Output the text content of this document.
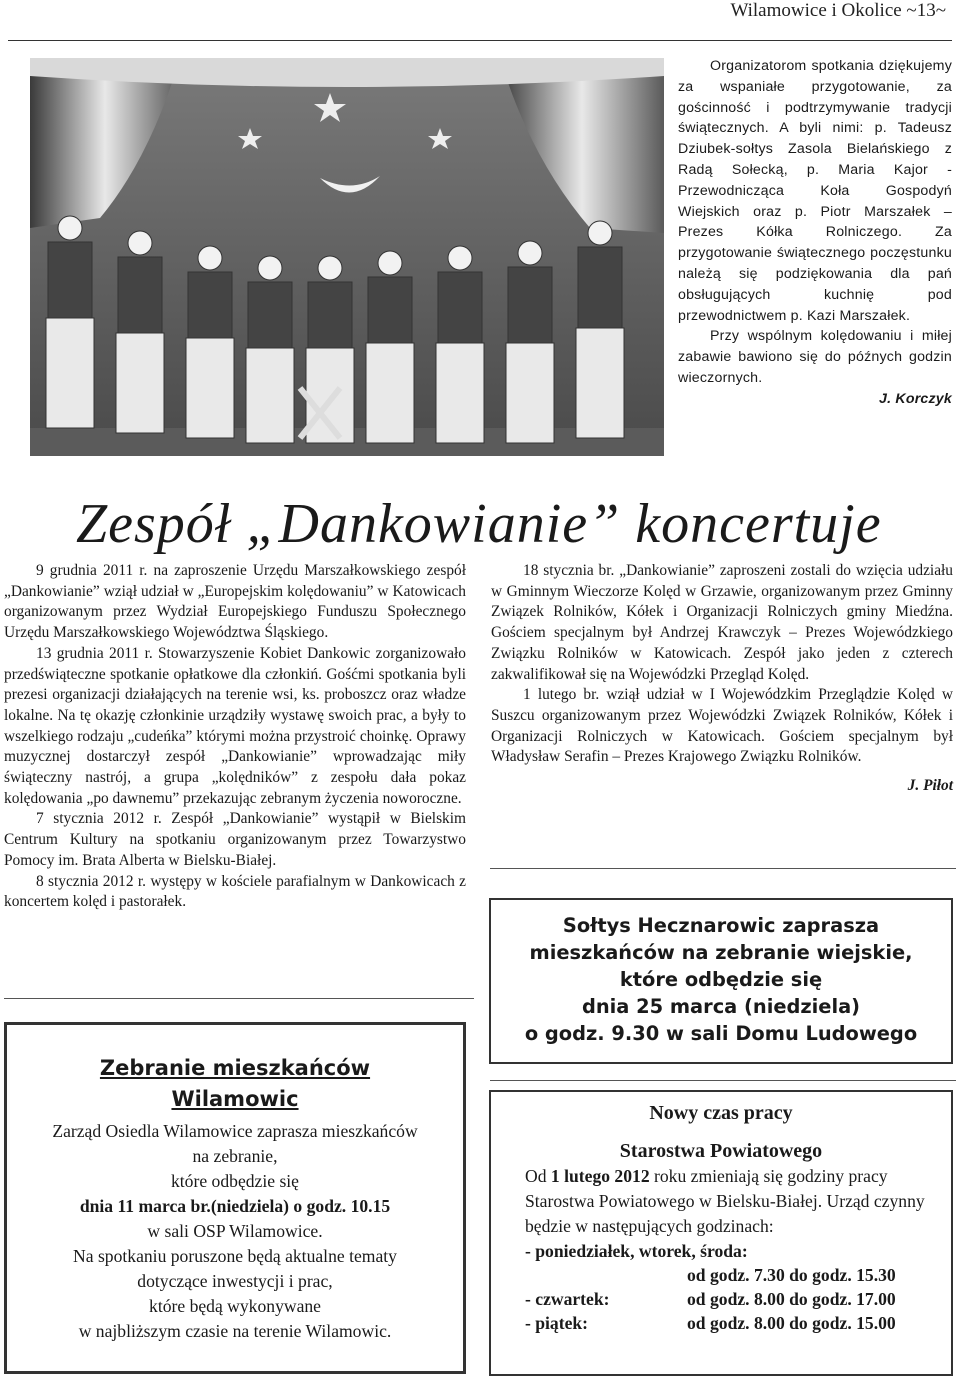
Wilamowice i Okolice ~13~

Organizatorom spotkania dziękujemy za wspaniałe przygotowanie, za gościnność i podtrzymywanie tradycji świątecznych. A byli nimi: p. Tadeusz Dziubek-sołtys Zasola Bielańskiego z Radą Sołecką, p. Maria Kajor - Przewodnicząca Koła Gospodyń Wiejskich oraz p. Piotr Marszałek – Prezes Kółka Rolniczego. Za przygotowanie świątecznego poczęstunku należą się podziękowania dla pań obsługujących kuchnię pod przewodnictwem p. Kazi Marszałek.

Przy wspólnym kolędowaniu i miłej zabawie bawiono się do późnych godzin wieczornych.

J. Korczyk

Zespół „Dankowianie” koncertuje

9 grudnia 2011 r. na zaproszenie Urzędu Marszałkowskiego zespół „Dankowianie” wziął udział w „Europejskim kolędowaniu” w Katowicach organizowanym przez Wydział Europejskiego Funduszu Społecznego Urzędu Marszałkowskiego Województwa Śląskiego.

13 grudnia 2011 r. Stowarzyszenie Kobiet Dankowic zorganizowało przedświąteczne spotkanie opłatkowe dla członkiń. Gośćmi spotkania byli prezesi organizacji działających na terenie wsi, ks. proboszcz oraz władze lokalne. Na tę okazję członkinie urządziły wystawę swoich prac, a były to wszelkiego rodzaju „cudeńka” którymi można przystroić choinkę. Oprawy muzycznej dostarczył zespół „Dankowianie” wprowadzając miły świąteczny nastrój, a grupa „kolędników” z zespołu dała pokaz kolędowania „po dawnemu” przekazując zebranym życzenia noworoczne.

7 stycznia 2012 r. Zespół „Dankowianie” wystąpił w Bielskim Centrum Kultury na spotkaniu organizowanym przez Towarzystwo Pomocy im. Brata Alberta w Bielsku-Białej.

8 stycznia 2012 r. występy w kościele parafialnym w Dankowicach z koncertem kolęd i pastorałek.

18 stycznia br. „Dankowianie” zaproszeni zostali do wzięcia udziału w Gminnym Wieczorze Kolęd w Grzawie, organizowanym przez Gminny Związek Rolników, Kółek i Organizacji Rolniczych gminy Miedźna. Gościem specjalnym był Andrzej Krawczyk – Prezes Wojewódzkiego Związku Rolników w Katowicach. Zespół jako jeden z czterech zakwalifikował się na Wojewódzki Przegląd Kolęd.

1 lutego br. wziął udział w I Wojewódzkim Przeglądzie Kolęd w Suszcu organizowanym przez Wojewódzki Związek Rolników, Kółek i Organizacji Rolniczych w Katowicach. Gościem specjalnym był Władysław Serafin – Prezes Krajowego Związku Rolników.

J. Piłot

Zebranie mieszkańców
Wilamowic
Zarząd Osiedla Wilamowice zaprasza mieszkańców
na zebranie,
które odbędzie się
dnia 11 marca br.(niedziela) o godz. 10.15
w sali OSP Wilamowice.
Na spotkaniu poruszone będą aktualne tematy
dotyczące inwestycji i prac,
które będą wykonywane
w najbliższym czasie na terenie Wilamowic.
Sołtys Hecznarowic zaprasza
mieszkańców na zebranie wiejskie,
które odbędzie się
dnia 25 marca (niedziela)
o godz. 9.30 w sali Domu Ludowego
Nowy czas pracy
Starostwa Powiatowego
Od 1 lutego 2012 roku zmieniają się godziny pracy Starostwa Powiatowego w Bielsku-Białej. Urząd czynny będzie w następujących godzinach:
- poniedziałek, wtorek, środa:
od godz. 7.30 do godz. 15.30
- czwartek:	od godz. 8.00 do godz. 17.00
- piątek:	od godz. 8.00 do godz. 15.00
